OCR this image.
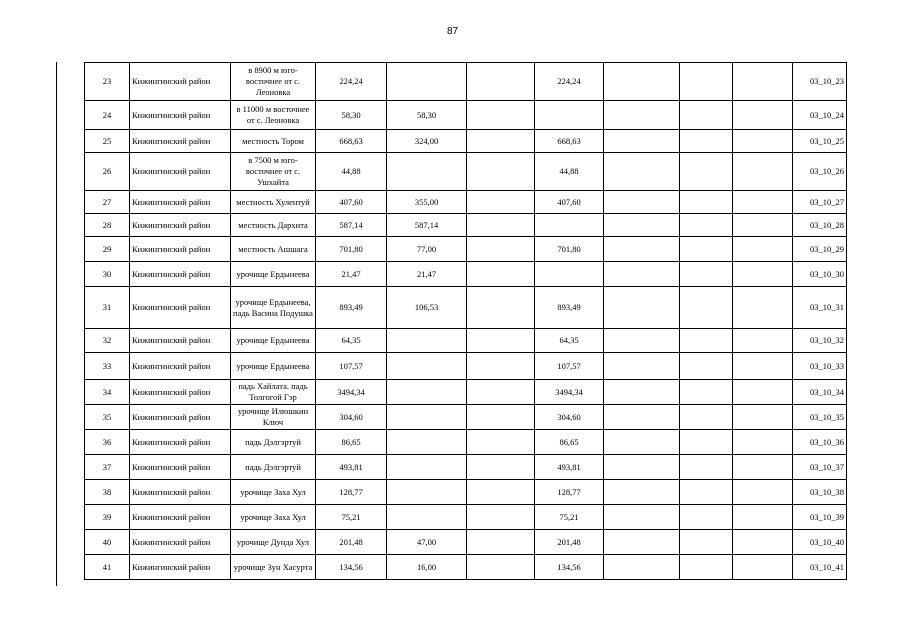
87
23	Кижингинский район	в 8900 м юго-восточнее от с. Леоновка	224,24			224,24				03_10_23
24	Кижингинский район	в 11000 м восточнее от с. Леоновка	58,30	58,30						03_10_24
25	Кижингинский район	местность Тором	668,63	324,00		668,63				03_10_25
26	Кижингинский район	в 7500 м юго-восточнее от с. Ушхайта	44,88			44,88				03_10_26
27	Кижингинский район	местность Хулентуй	407,60	355,00		407,60				03_10_27
28	Кижингинский район	местность Дархита	587,14	587,14						03_10_28
29	Кижингинский район	местность Ашшага	701,80	77,00		701,80				03_10_29
30	Кижингинский район	урочище Ердынеева	21,47	21,47						03_10_30
31	Кижингинский район	урочище Ердынеева, падь Васина Подушка	893,49	106,53		893,49				03_10_31
32	Кижингинский район	урочище Ердынеева	64,35			64,35				03_10_32
33	Кижингинский район	урочище Ердынеева	107,57			107,57				03_10_33
34	Кижингинский район	падь Хайлата. падь Толгогой Гэр	3494,34			3494,34				03_10_34
35	Кижингинский район	урочище Илюшкин Ключ	304,60			304,60				03_10_35
36	Кижингинский район	падь Дэлгэртуй	86,65			86,65				03_10_36
37	Кижингинский район	падь Дэлгэртуй	493,81			493,81				03_10_37
38	Кижингинский район	урочище Заха Хул	128,77			128,77				03_10_38
39	Кижингинский район	урочище Заха Хул	75,21			75,21				03_10_39
40	Кижингинский район	урочище Дунда Хул	201,48	47,00		201,48				03_10_40
41	Кижингинский район	урочище Зун Хасурта	134,56	16,00		134,56				03_10_41
